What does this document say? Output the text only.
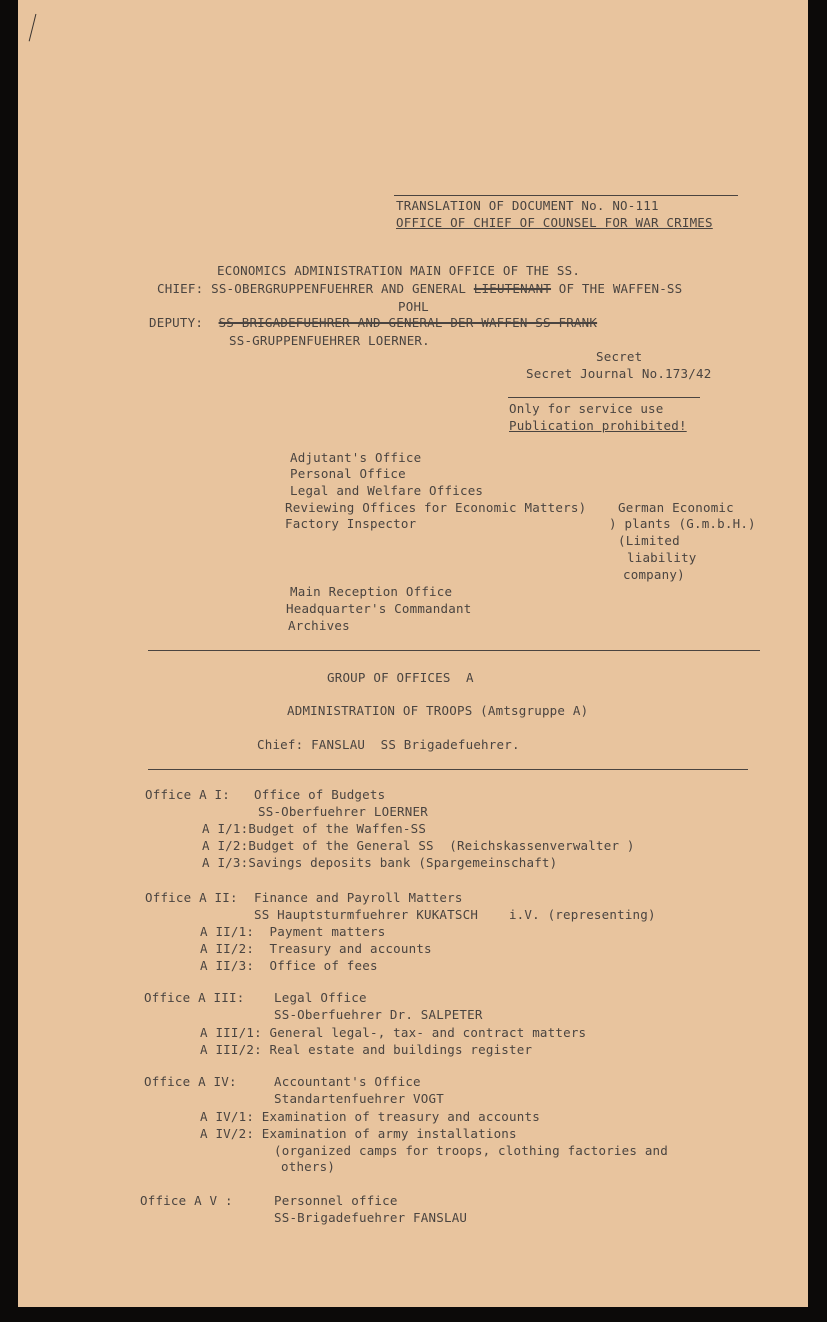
TRANSLATION OF DOCUMENT No. NO-111
OFFICE OF CHIEF OF COUNSEL FOR WAR CRIMES
ECONOMICS ADMINISTRATION MAIN OFFICE OF THE SS.
CHIEF: SS-OBERGRUPPENFUEHRER AND GENERAL LIEUTENANT OF THE WAFFEN-SS
POHL
DEPUTY: SS-BRIGADEFUEHRER AND GENERAL DER WAFFEN-SS FRANK
SS-GRUPPENFUEHRER LOERNER.
Secret
Secret Journal No.173/42
Only for service use
Publication prohibited!
Adjutant's Office
Personal Office
Legal and Welfare Offices
Reviewing Offices for Economic Matters)
Factory Inspector
German Economic
) plants (G.m.b.H.)
(Limited
liability
company)
Main Reception Office
Headquarter's Commandant
Archives
GROUP OF OFFICES  A
ADMINISTRATION OF TROOPS (Amtsgruppe A)
Chief: FANSLAU  SS Brigadefuehrer.
Office A I: Office of Budgets
SS-Oberfuehrer LOERNER
A I/1:Budget of the Waffen-SS
A I/2:Budget of the General SS  (Reichskassenverwalter )
A I/3:Savings deposits bank (Spargemeinschaft)
Office A II: Finance and Payroll Matters
SS Hauptsturmfuehrer KUKATSCH    i.V. (representing)
A II/1:  Payment matters
A II/2:  Treasury and accounts
A II/3:  Office of fees
Office A III: Legal Office
SS-Oberfuehrer Dr. SALPETER
A III/1: General legal-, tax- and contract matters
A III/2: Real estate and buildings register
Office A IV:	Accountant's Office
Standartenfuehrer VOGT
A IV/1: Examination of treasury and accounts
A IV/2: Examination of army installations
(organized camps for troops, clothing factories and
others)
Office A V :	Personnel office
SS-Brigadefuehrer FANSLAU
